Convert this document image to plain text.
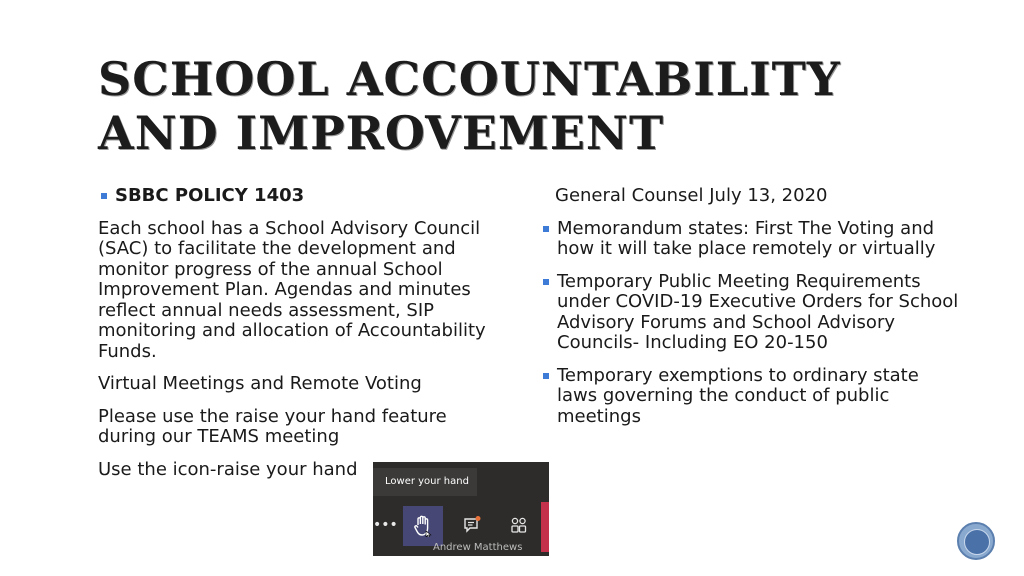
SCHOOL ACCOUNTABILITY
AND IMPROVEMENT

SBBC POLICY 1403

Each school has a School Advisory Council (SAC) to facilitate the development and monitor progress of the annual School Improvement Plan. Agendas and minutes reflect annual needs assessment, SIP monitoring and allocation of Accountability Funds.

Virtual Meetings and Remote Voting

Please use the raise your hand feature during our TEAMS meeting

Use the icon-raise your hand

General Counsel July 13, 2020

Memorandum states: First The Voting and how it will take place remotely or virtually

Temporary Public Meeting Requirements under COVID-19 Executive Orders for School Advisory Forums and School Advisory Councils- Including EO 20-150

Temporary exemptions to ordinary state laws governing the conduct of public meetings

Lower your hand
•••
Andrew Matthews
